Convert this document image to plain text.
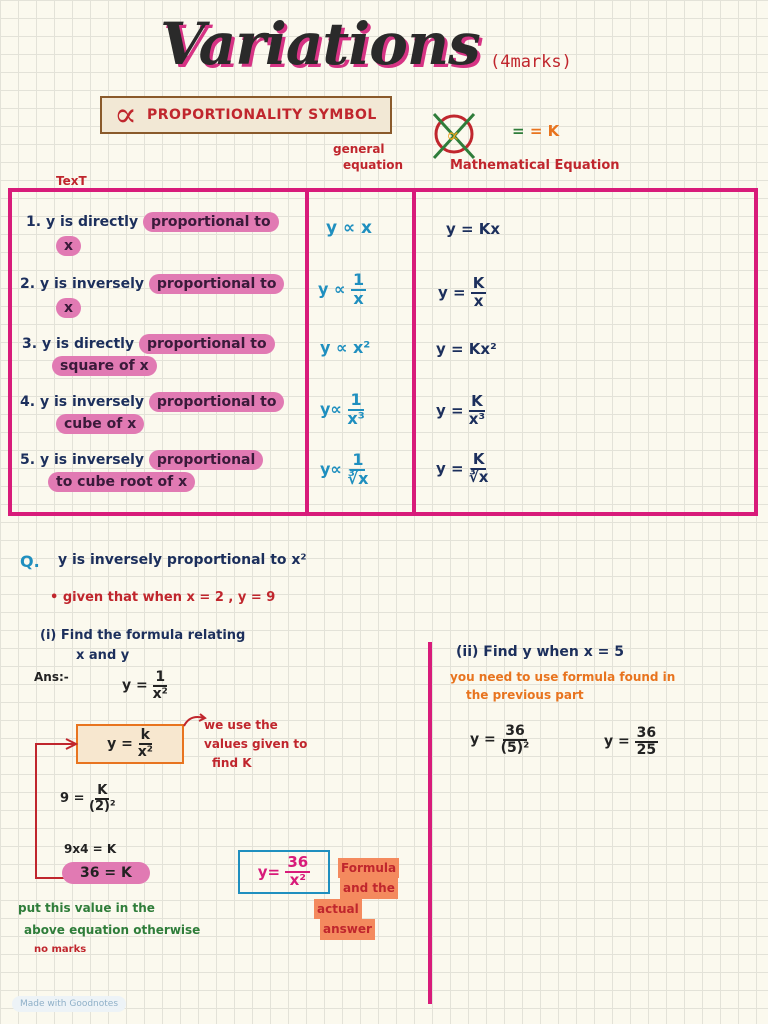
Variations (4marks)
∝ PROPORTIONALITY SYMBOL
∝	= = K
TexT
general
equation	Mathematical Equation
1. y is directly proportional to
x
y ∝ x	y = Kx
2. y is inversely proportional to
x
$y \propto \frac{1}{x}$	$y = \frac{K}{x}$
3. y is directly proportional to
square of x
y ∝ x²	y = Kx²
4. y is inversely proportional to
cube of x
$y\propto \frac{1}{\text{x³}}$	$y = \frac{K}{\text{x³}}$
5. y is inversely proportional
to cube root of x
$y\propto \frac{1}{∛x}$	$y = \frac{K}{∛x}$
Q. y is inversely proportional to x²
• given that when x = 2 , y = 9
(i) Find the formula relating
x and y
Ans:-
$y = \frac{1}{\text{x²}}$
y =
$\frac{k}{\text{x²}}$
we use the
values given to
find K
$9 = \frac{K}{\text{(2)²}}$
9x4 = K
36 = K
put this value in the
above equation otherwise
no marks
y=
$\frac{36}{\text{x²}}$	Formula
and the
actual
answer
(ii) Find y when x = 5
you need to use formula found in
the previous part
$y = \frac{36}{\text{(5)²}}$	$y = \frac{36}{25}$
Made with Goodnotes
